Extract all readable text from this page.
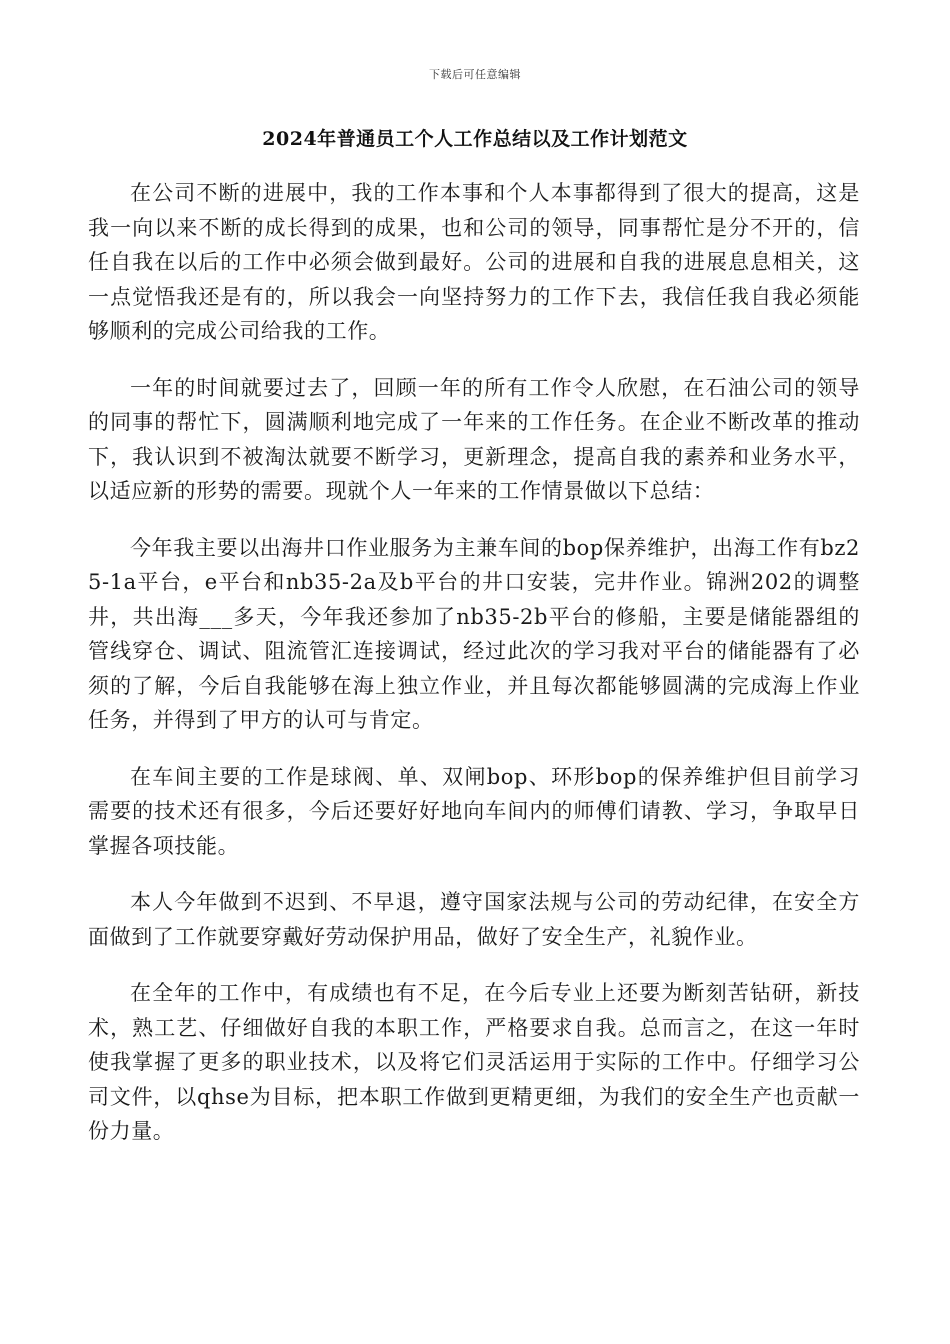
下载后可任意编辑
2024年普通员工个人工作总结以及工作计划范文

在公司不断的进展中，我的工作本事和个人本事都得到了很大的提高，这是我一向以来不断的成长得到的成果，也和公司的领导，同事帮忙是分不开的，信任自我在以后的工作中必须会做到最好。公司的进展和自我的进展息息相关，这一点觉悟我还是有的，所以我会一向坚持努力的工作下去，我信任我自我必须能够顺利的完成公司给我的工作。

一年的时间就要过去了，回顾一年的所有工作令人欣慰，在石油公司的领导的同事的帮忙下，圆满顺利地完成了一年来的工作任务。在企业不断改革的推动下，我认识到不被淘汰就要不断学习，更新理念，提高自我的素养和业务水平，以适应新的形势的需要。现就个人一年来的工作情景做以下总结：

今年我主要以出海井口作业服务为主兼车间的bop保养维护，出海工作有bz25-1a平台，e平台和nb35-2a及b平台的井口安装，完井作业。锦洲202的调整井，共出海___多天，今年我还参加了nb35-2b平台的修船，主要是储能器组的管线穿仓、调试、阻流管汇连接调试，经过此次的学习我对平台的储能器有了必须的了解，今后自我能够在海上独立作业，并且每次都能够圆满的完成海上作业任务，并得到了甲方的认可与肯定。

在车间主要的工作是球阀、单、双闸bop、环形bop的保养维护但目前学习需要的技术还有很多，今后还要好好地向车间内的师傅们请教、学习，争取早日掌握各项技能。

本人今年做到不迟到、不早退，遵守国家法规与公司的劳动纪律，在安全方面做到了工作就要穿戴好劳动保护用品，做好了安全生产，礼貌作业。

在全年的工作中，有成绩也有不足，在今后专业上还要为断刻苦钻研，新技术，熟工艺、仔细做好自我的本职工作，严格要求自我。总而言之，在这一年时使我掌握了更多的职业技术，以及将它们灵活运用于实际的工作中。仔细学习公司文件，以qhse为目标，把本职工作做到更精更细，为我们的安全生产也贡献一份力量。
